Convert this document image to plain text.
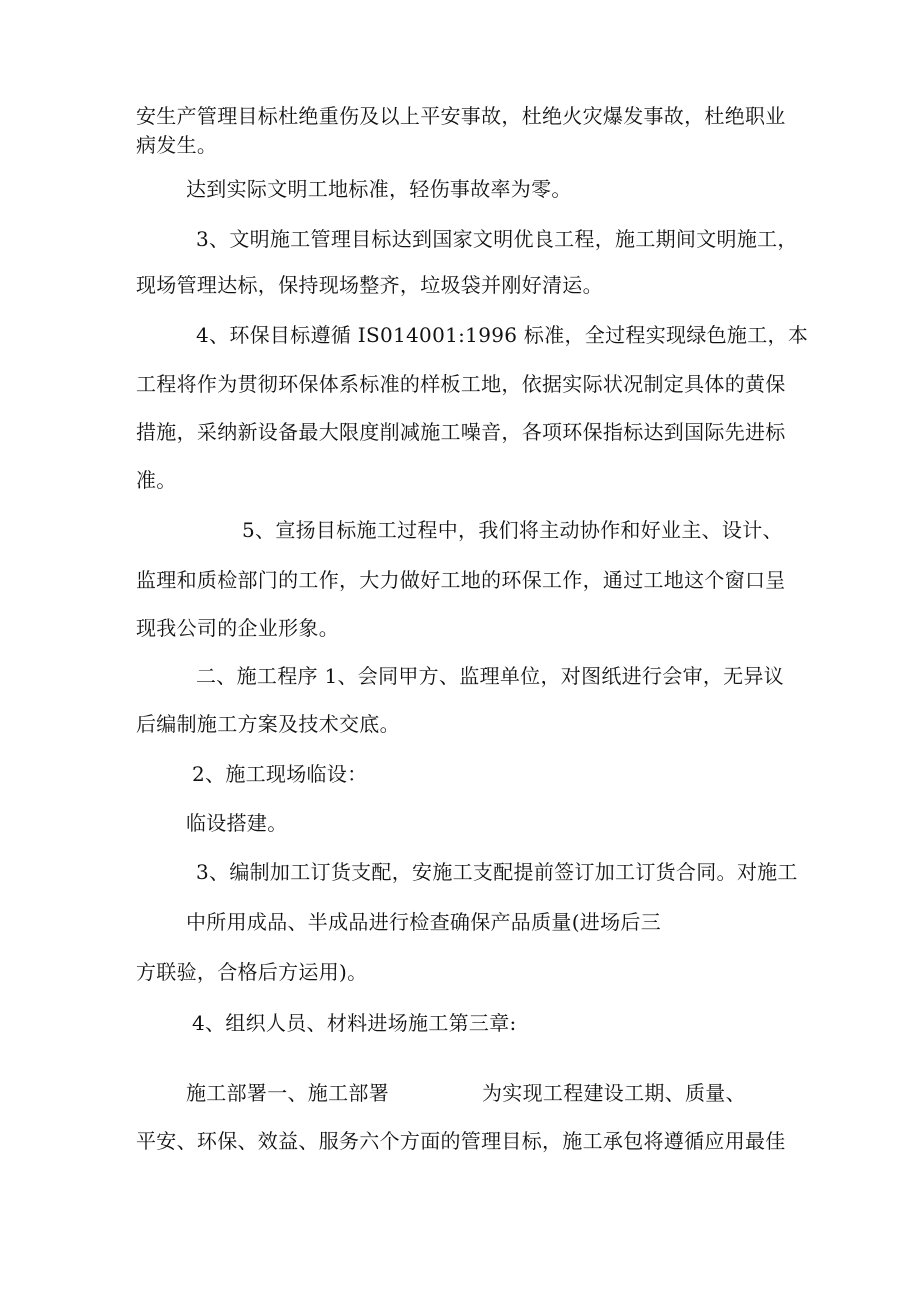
安生产管理目标杜绝重伤及以上平安事故，杜绝火灾爆发事故，杜绝职业
病发生。
达到实际文明工地标准，轻伤事故率为零。
3、文明施工管理目标达到国家文明优良工程，施工期间文明施工，
现场管理达标，保持现场整齐，垃圾袋并刚好清运。
4、环保目标遵循 IS014001:1996 标准，全过程实现绿色施工，本
工程将作为贯彻环保体系标准的样板工地，依据实际状况制定具体的黄保
措施，采纳新设备最大限度削减施工噪音，各项环保指标达到国际先进标
准。
5、宣扬目标施工过程中，我们将主动协作和好业主、设计、
监理和质检部门的工作，大力做好工地的环保工作，通过工地这个窗口呈
现我公司的企业形象。
二、施工程序 1、会同甲方、监理单位，对图纸进行会审，无异议
后编制施工方案及技术交底。
2、施工现场临设：
临设搭建。
3、编制加工订货支配，安施工支配提前签订加工订货合同。对施工
中所用成品、半成品进行检查确保产品质量(进场后三
方联验，合格后方运用)。
4、组织人员、材料进场施工第三章:
施工部署一、施工部署	为实现工程建设工期、质量、
平安、环保、效益、服务六个方面的管理目标，施工承包将遵循应用最佳
